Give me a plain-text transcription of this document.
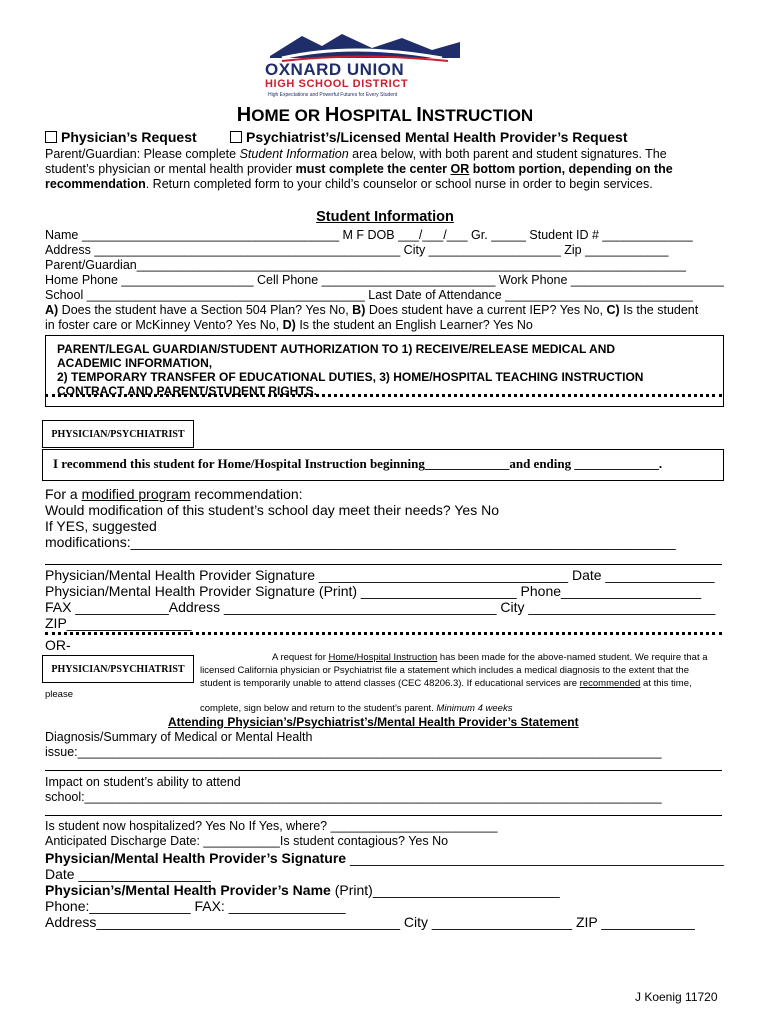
OXNARD UNION
HIGH SCHOOL DISTRICT
High Expectations and Powerful Futures for Every Student
HOME OR HOSPITAL INSTRUCTION
Physician’s Request	Psychiatrist’s/Licensed Mental Health Provider’s Request
Parent/Guardian: Please complete Student Information area below, with both parent and student signatures. The
student’s physician or mental health provider must complete the center OR bottom portion, depending on the
recommendation. Return completed form to your child’s counselor or school nurse in order to begin services.
Student Information
Name _____________________________________ M F DOB ___/___/___ Gr. _____ Student ID # _____________
Address ____________________________________________ City ___________________ Zip ____________
Parent/Guardian_______________________________________________________________________________
Home Phone ___________________ Cell Phone _________________________ Work Phone ______________________
School ________________________________________ Last Date of Attendance ___________________________
A) Does the student have a Section 504 Plan? Yes No, B) Does student have a current IEP? Yes No, C) Is the student
in foster care or McKinney Vento? Yes No, D) Is the student an English Learner? Yes No
PARENT/LEGAL GUARDIAN/STUDENT AUTHORIZATION TO 1) RECEIVE/RELEASE MEDICAL AND
ACADEMIC INFORMATION,
2) TEMPORARY TRANSFER OF EDUCATIONAL DUTIES, 3) HOME/HOSPITAL TEACHING INSTRUCTION
CONTRACT AND PARENT/STUDENT RIGHTS.
PHYSICIAN/PSYCHIATRIST
I recommend this student for Home/Hospital Instruction beginning_____________and ending _____________.
For a modified program recommendation:
Would modification of this student’s school day meet their needs? Yes No
If YES, suggested
modifications:______________________________________________________________________
Physician/Mental Health Provider Signature ________________________________ Date ______________
Physician/Mental Health Provider Signature (Print) ____________________ Phone__________________
FAX ____________Address ___________________________________ City ________________________
ZIP________________
OR-
PHYSICIAN/PSYCHIATRIST
A request for Home/Hospital Instruction has been made for the above-named student. We require that a
licensed California physician or Psychiatrist file a statement which includes a medical diagnosis to the extent that the
student is temporarily unable to attend classes (CEC 48206.3). If educational services are recommended at this time,
please
complete, sign below and return to the student’s parent. Minimum 4 weeks
Attending Physician’s/Psychiatrist’s/Mental Health Provider’s Statement
Diagnosis/Summary of Medical or Mental Health
issue:____________________________________________________________________________________
Impact on student’s ability to attend
school:___________________________________________________________________________________
Is student now hospitalized? Yes No If Yes, where? ________________________
Anticipated Discharge Date: ___________Is student contagious? Yes No
Physician/Mental Health Provider’s Signature ________________________________________________
Date _________________
Physician’s/Mental Health Provider’s Name (Print)________________________
Phone:_____________ FAX: _______________
Address_______________________________________ City __________________ ZIP ____________
J Koenig 11720
